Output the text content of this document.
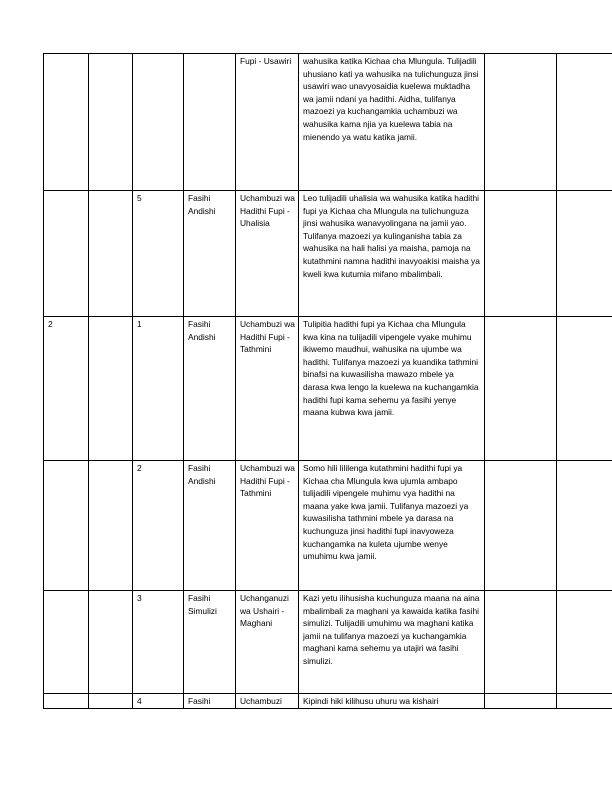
				Fupi - Usawiri	wahusika katika Kichaa cha Mlungula. Tulijadili uhusiano kati ya wahusika na tulichunguza jinsi usawiri wao unavyosaidia kuelewa muktadha wa jamii ndani ya hadithi. Aidha, tulifanya mazoezi ya kuchangamkia uchambuzi wa wahusika kama njia ya kuelewa tabia na mienendo ya watu katika jamii.		
		5	Fasihi Andishi	Uchambuzi wa Hadithi Fupi - Uhalisia	Leo tulijadili uhalisia wa wahusika katika hadithi fupi ya Kichaa cha Mlungula na tulichunguza jinsi wahusika wanavyolingana na jamii yao. Tulifanya mazoezi ya kulinganisha tabia za wahusika na hali halisi ya maisha, pamoja na kutathmini namna hadithi inavyoakisi maisha ya kweli kwa kutumia mifano mbalimbali.		
2		1	Fasihi Andishi	Uchambuzi wa Hadithi Fupi - Tathmini	Tulipitia hadithi fupi ya Kichaa cha Mlungula kwa kina na tulijadili vipengele vyake muhimu ikiwemo maudhui, wahusika na ujumbe wa hadithi. Tulifanya mazoezi ya kuandika tathmini binafsi na kuwasilisha mawazo mbele ya darasa kwa lengo la kuelewa na kuchangamkia hadithi fupi kama sehemu ya fasihi yenye maana kubwa kwa jamii.		
		2	Fasihi Andishi	Uchambuzi wa Hadithi Fupi - Tathmini	Somo hili lililenga kutathmini hadithi fupi ya Kichaa cha Mlungula kwa ujumla ambapo tulijadili vipengele muhimu vya hadithi na maana yake kwa jamii. Tulifanya mazoezi ya kuwasilisha tathmini mbele ya darasa na kuchunguza jinsi hadithi fupi inavyoweza kuchangamka na kuleta ujumbe wenye umuhimu kwa jamii.		
		3	Fasihi Simulizi	Uchanganuzi wa Ushairi - Maghani	Kazi yetu ilihusisha kuchunguza maana na aina mbalimbali za maghani ya kawaida katika fasihi simulizi. Tulijadili umuhimu wa maghani katika jamii na tulifanya mazoezi ya kuchangamkia maghani kama sehemu ya utajiri wa fasihi simulizi.		
		4	Fasihi	Uchambuzi	Kipindi hiki kilihusu uhuru wa kishairi		
